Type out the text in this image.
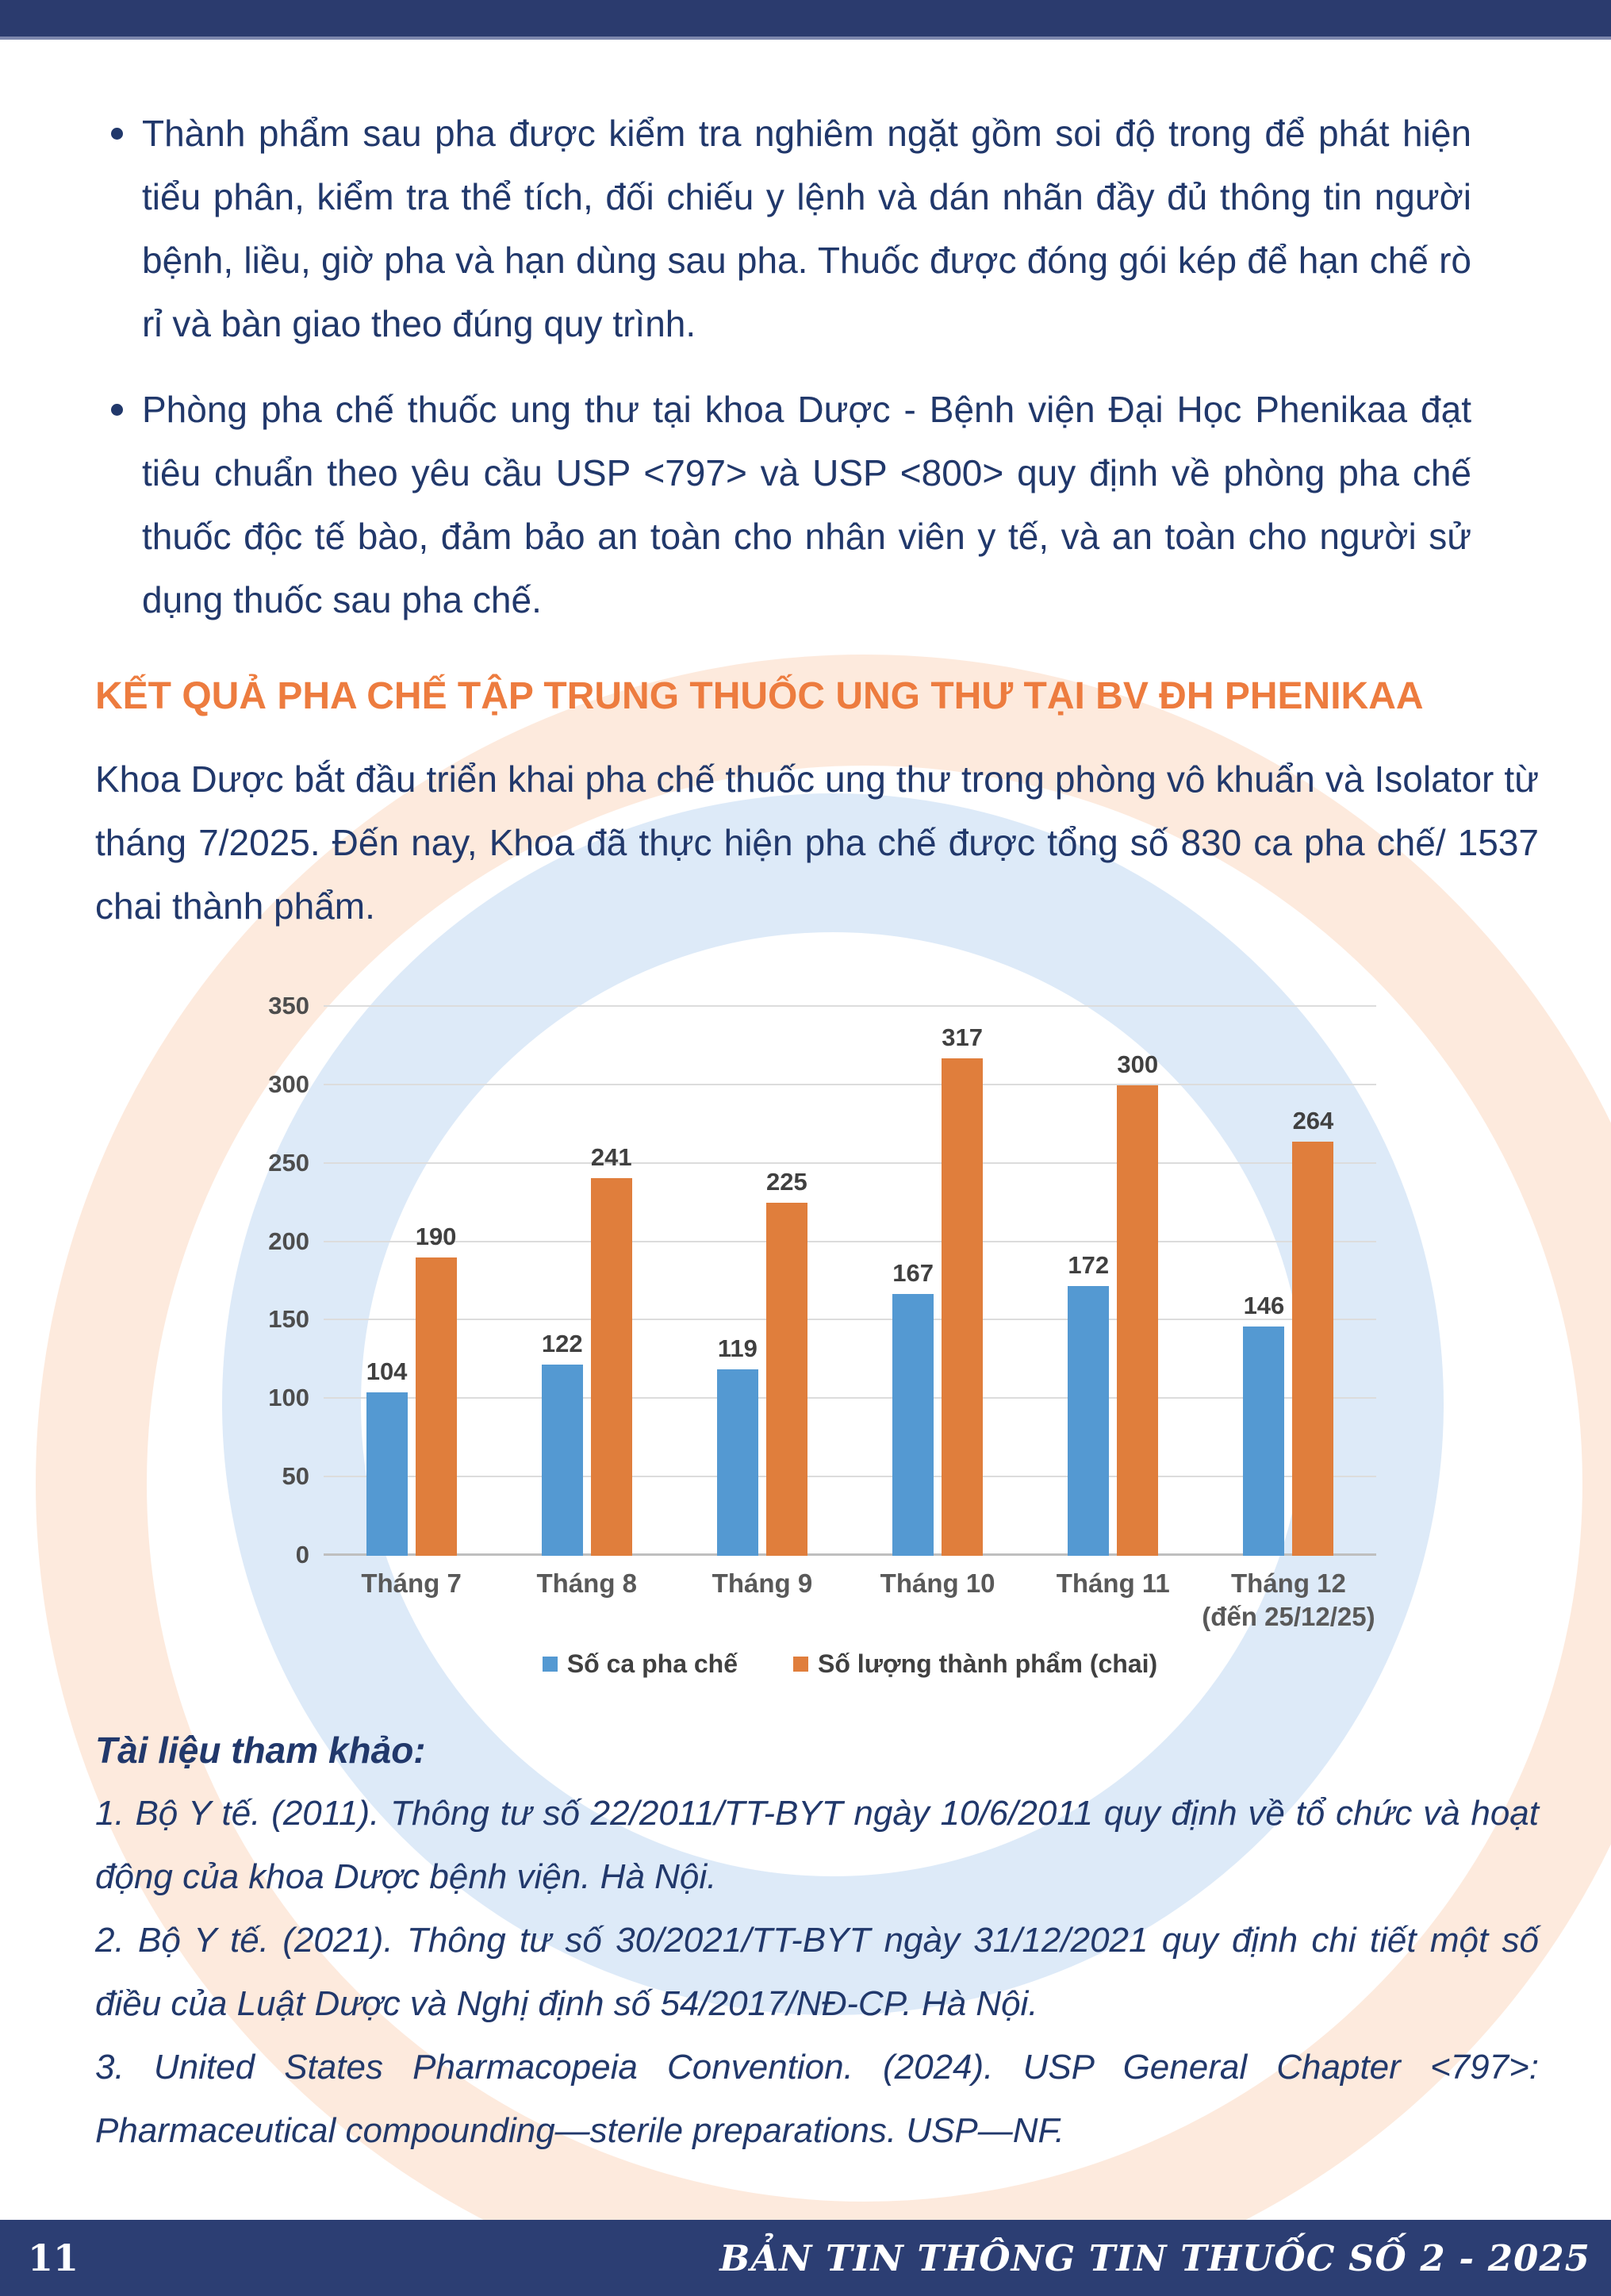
Thành phẩm sau pha được kiểm tra nghiêm ngặt gồm soi độ trong để phát hiện tiểu phân, kiểm tra thể tích, đối chiếu y lệnh và dán nhãn đầy đủ thông tin người bệnh, liều, giờ pha và hạn dùng sau pha. Thuốc được đóng gói kép để hạn chế rò rỉ và bàn giao theo đúng quy trình.
Phòng pha chế thuốc ung thư tại khoa Dược - Bệnh viện Đại Học Phenikaa đạt tiêu chuẩn theo yêu cầu USP <797> và USP <800> quy định về phòng pha chế thuốc độc tế bào, đảm bảo an toàn cho nhân viên y tế, và an toàn cho người sử dụng thuốc sau pha chế.
KẾT QUẢ PHA CHẾ TẬP TRUNG THUỐC UNG THƯ TẠI BV ĐH PHENIKAA

Khoa Dược bắt đầu triển khai pha chế thuốc ung thư trong phòng vô khuẩn và Isolator từ tháng 7/2025. Đến nay, Khoa đã thực hiện pha chế được tổng số 830 ca pha chế/ 1537 chai thành phẩm.

0
50
100
150
200
250
300
350
104
190
122
241
119
225
167
317
172
300
146
264
Tháng 7	Tháng 8	Tháng 9	Tháng 10	Tháng 11	Tháng 12
(đến 25/12/25)
Số ca pha chế	Số lượng thành phẩm (chai)

Tài liệu tham khảo:

1. Bộ Y tế. (2011). Thông tư số 22/2011/TT-BYT ngày 10/6/2011 quy định về tổ chức và hoạt động của khoa Dược bệnh viện. Hà Nội.

2. Bộ Y tế. (2021). Thông tư số 30/2021/TT-BYT ngày 31/12/2021 quy định chi tiết một số điều của Luật Dược và Nghị định số 54/2017/NĐ-CP. Hà Nội.

3. United States Pharmacopeia Convention. (2024). USP General Chapter <797>: Pharmaceutical compounding—sterile preparations. USP—NF.

11	BẢN TIN THÔNG TIN THUỐC SỐ 2 - 2025
